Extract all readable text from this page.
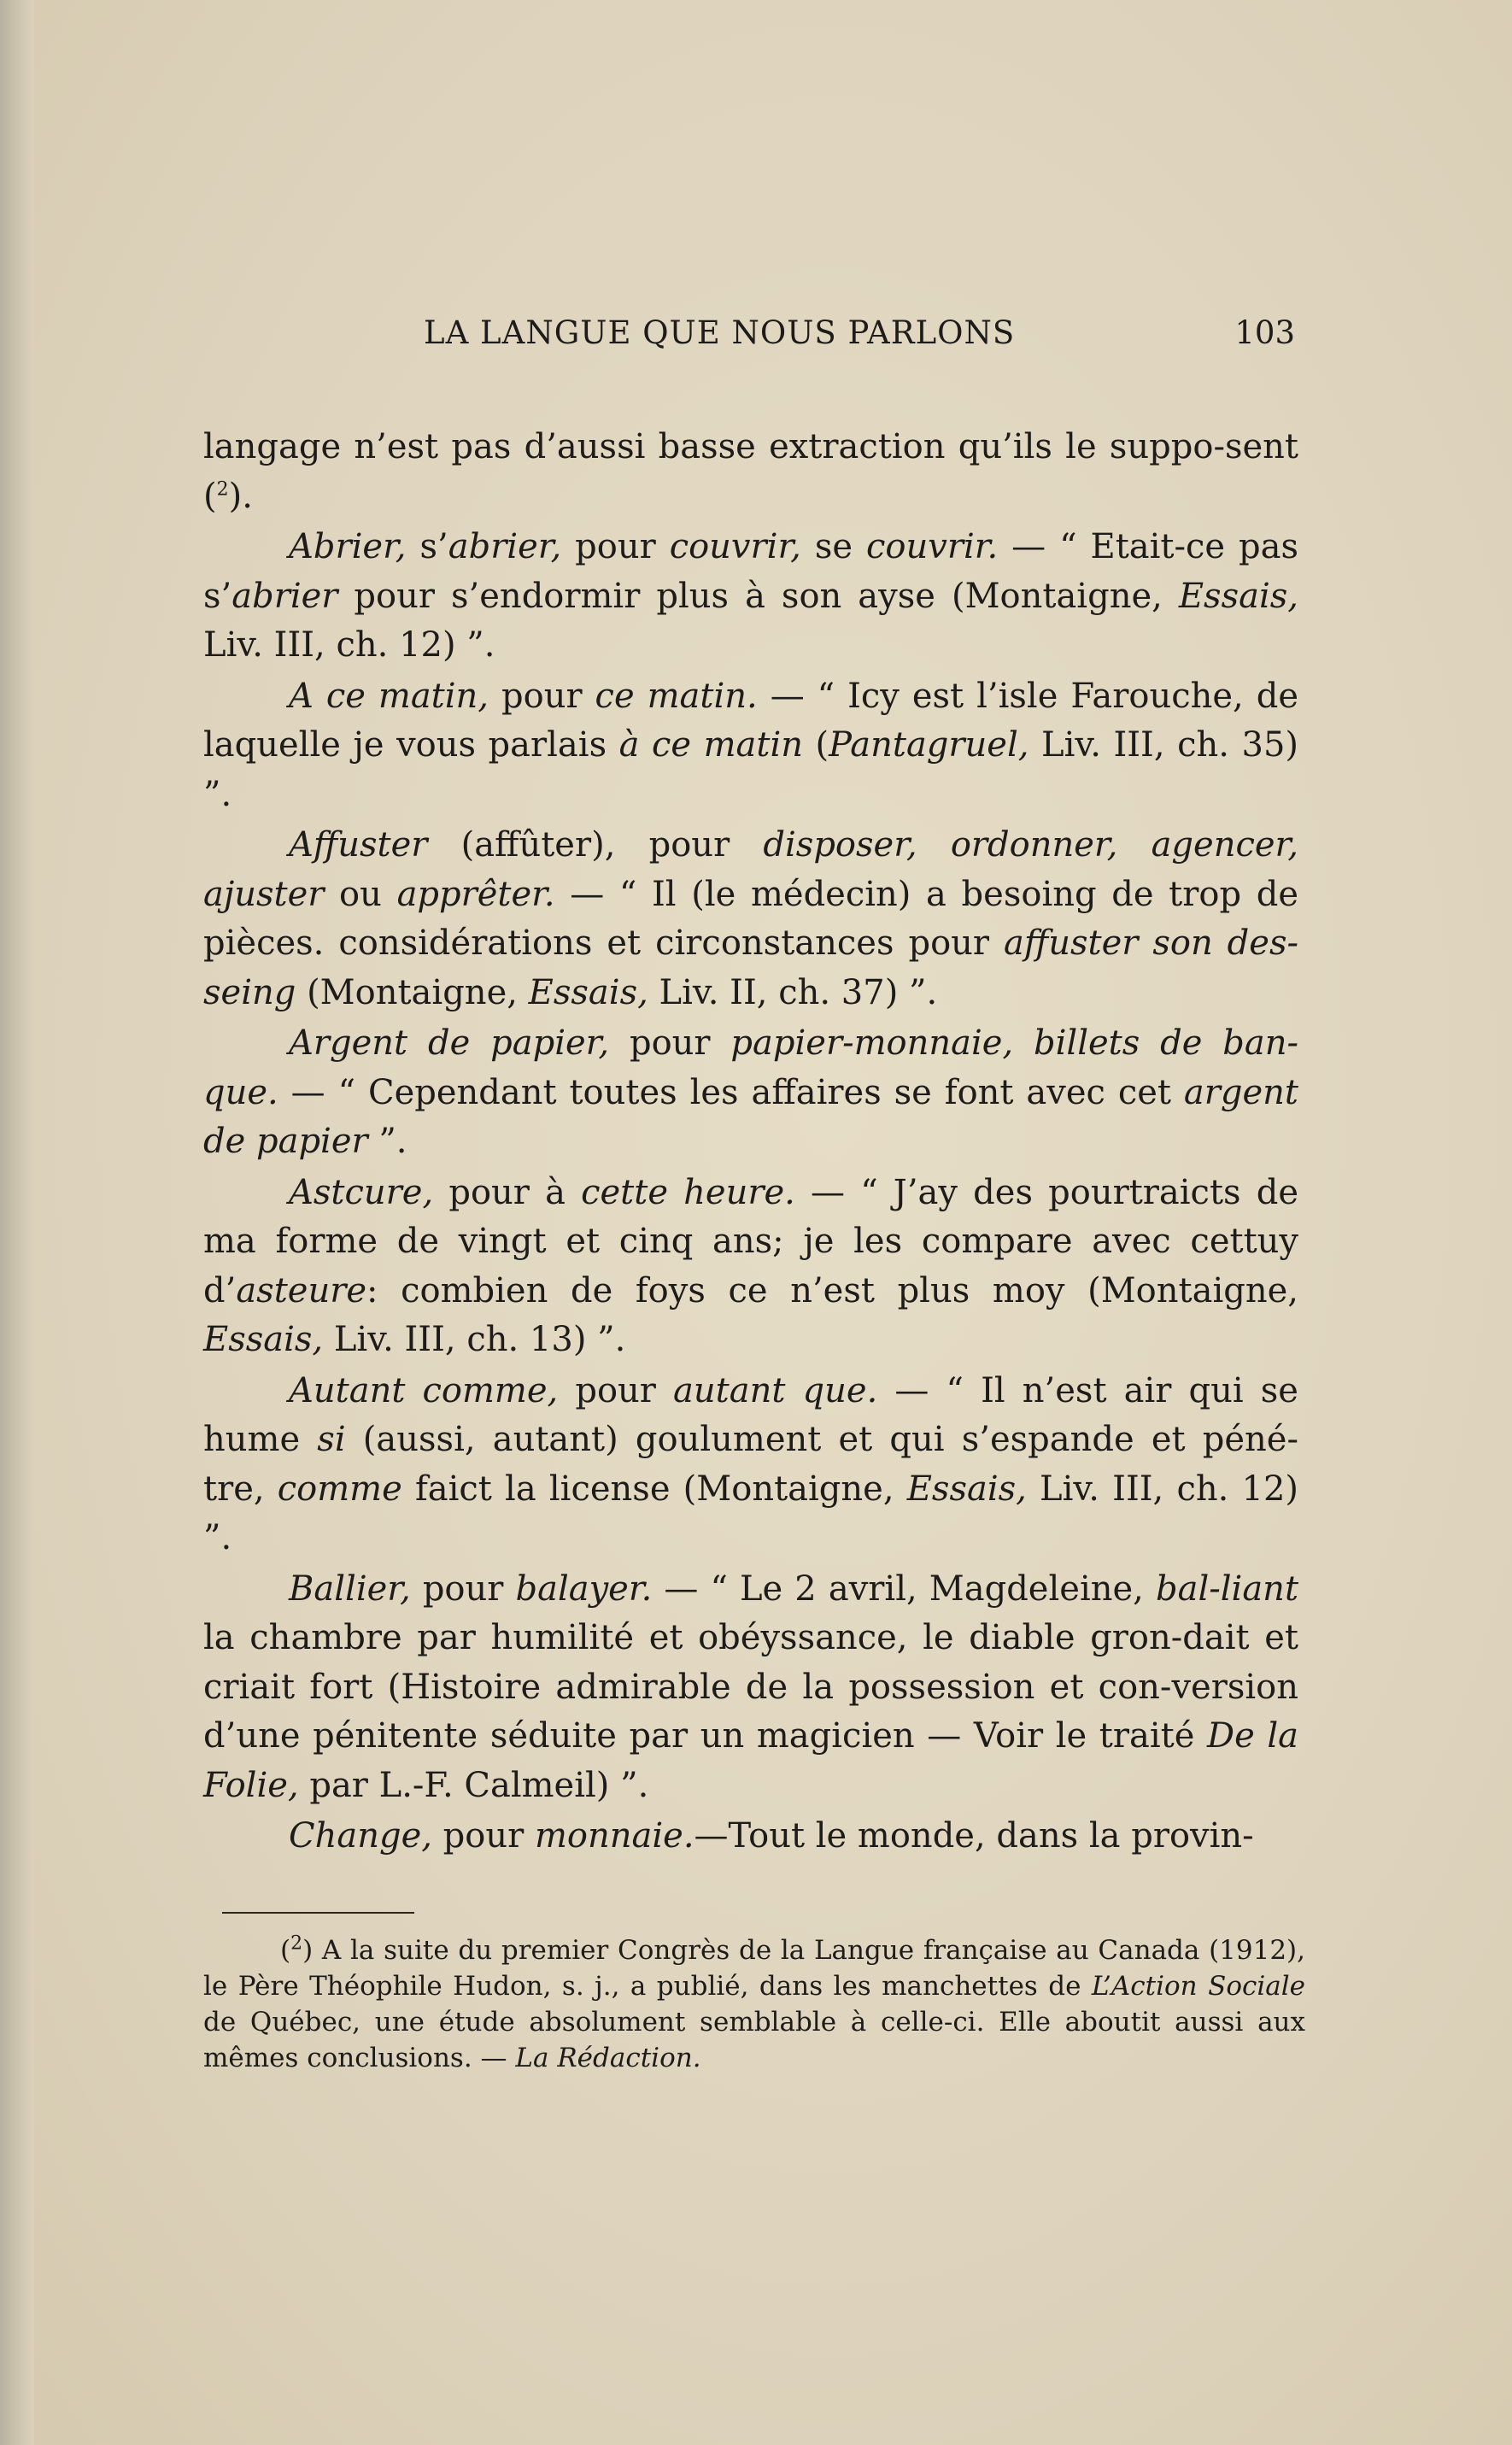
LA LANGUE QUE NOUS PARLONS	103

langage n’est pas d’aussi basse extraction qu’ils le suppo-sent ($^2$).

Abrier, s’abrier, pour couvrir, se couvrir. — “ Etait-ce pas s’abrier pour s’endormir plus à son ayse (Montaigne, Essais, Liv. III, ch. 12) ”.

A ce matin, pour ce matin. — “ Icy est l’isle Farouche, de laquelle je vous parlais à ce matin (Pantagruel, Liv. III, ch. 35) ”.

Affuster (affûter), pour disposer, ordonner, agencer, ajuster ou apprêter. — “ Il (le médecin) a besoing de trop de pièces. considérations et circonstances pour affuster son des-seing (Montaigne, Essais, Liv. II, ch. 37) ”.

Argent de papier, pour papier-monnaie, billets de ban-que. — “ Cependant toutes les affaires se font avec cet argent de papier ”.

Astcure, pour à cette heure. — “ J’ay des pourtraicts de ma forme de vingt et cinq ans; je les compare avec cettuy d’asteure: combien de foys ce n’est plus moy (Montaigne, Essais, Liv. III, ch. 13) ”.

Autant comme, pour autant que. — “ Il n’est air qui se hume si (aussi, autant) goulument et qui s’espande et péné-tre, comme faict la license (Montaigne, Essais, Liv. III, ch. 12) ”.

Ballier, pour balayer. — “ Le 2 avril, Magdeleine, bal-liant la chambre par humilité et obéyssance, le diable gron-dait et criait fort (Histoire admirable de la possession et con-version d’une pénitente séduite par un magicien — Voir le traité De la Folie, par L.-F. Calmeil) ”.

Change, pour monnaie.—Tout le monde, dans la provin-

($^2$) A la suite du premier Congrès de la Langue française au Canada (1912), le Père Théophile Hudon, s. j., a publié, dans les manchettes de L’Action Sociale de Québec, une étude absolument semblable à celle-ci. Elle aboutit aussi aux mêmes conclusions. — La Rédaction.
